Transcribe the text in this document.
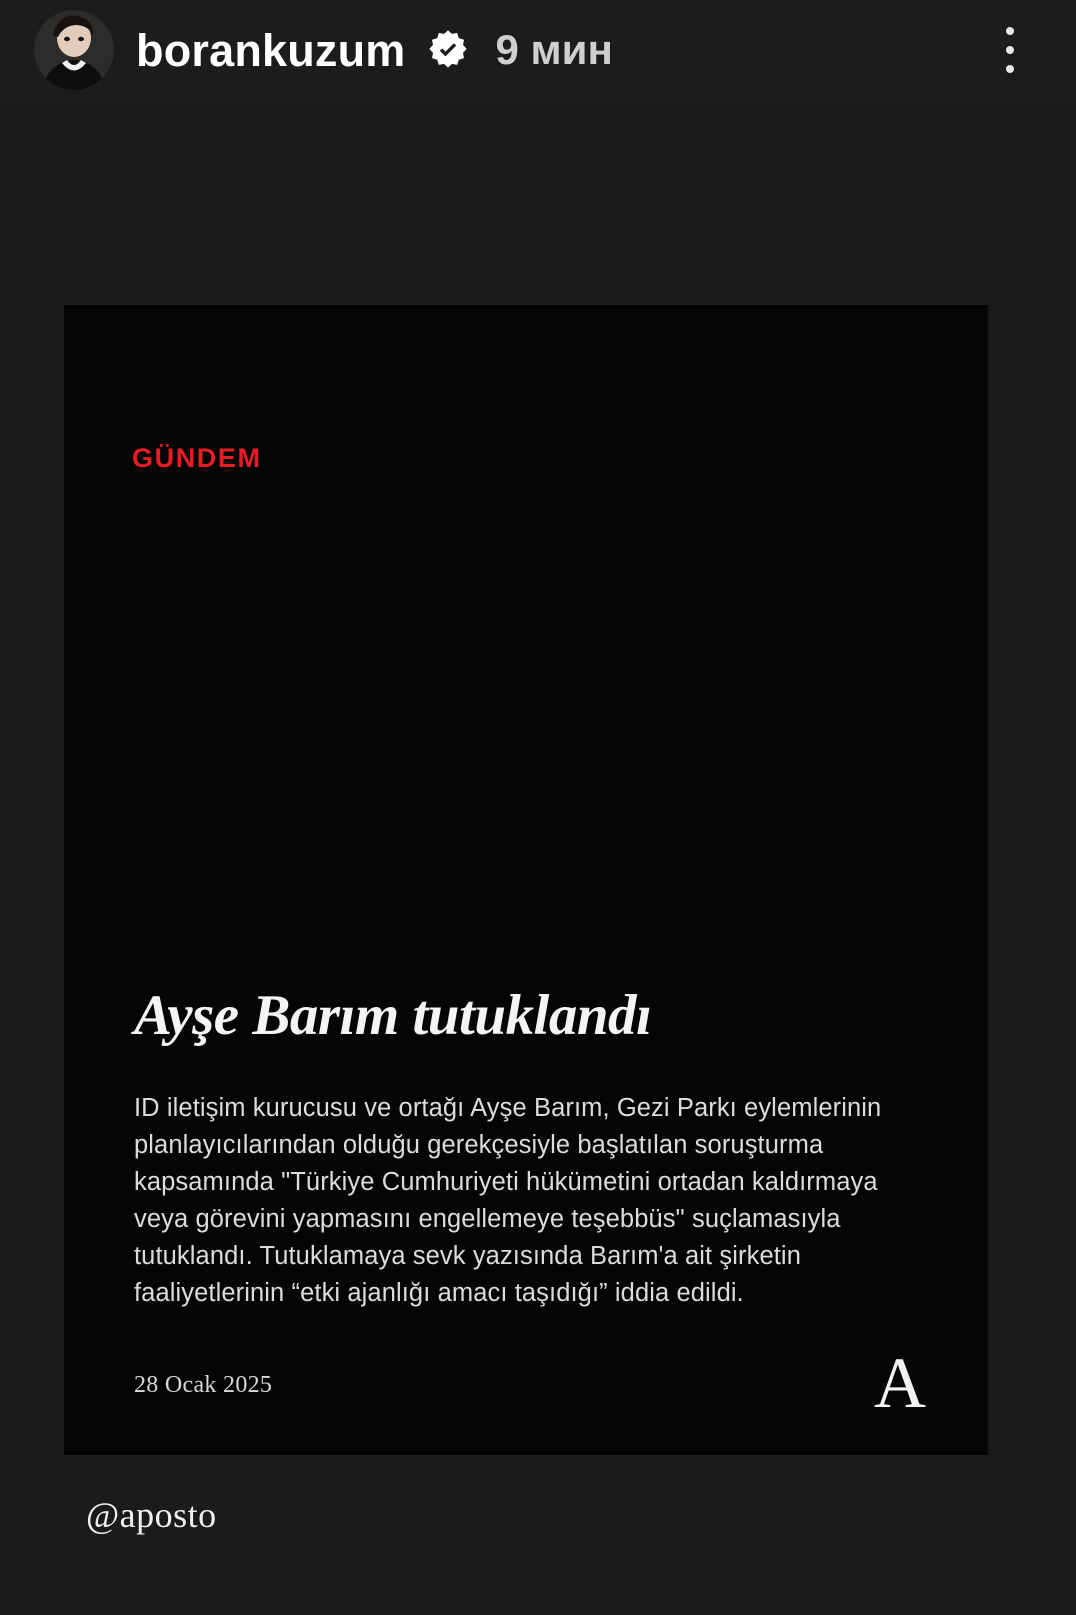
borankuzum 9 мин
GÜNDEM
Ayşe Barım tutuklandı
ID iletişim kurucusu ve ortağı Ayşe Barım, Gezi Parkı eylemlerinin planlayıcılarından olduğu gerekçesiyle başlatılan soruşturma kapsamında "Türkiye Cumhuriyeti hükümetini ortadan kaldırmaya veya görevini yapmasını engellemeye teşebbüs" suçlamasıyla tutuklandı. Tutuklamaya sevk yazısında Barım'a ait şirketin faaliyetlerinin “etki ajanlığı amacı taşıdığı” iddia edildi.
28 Ocak 2025	A
@aposto
